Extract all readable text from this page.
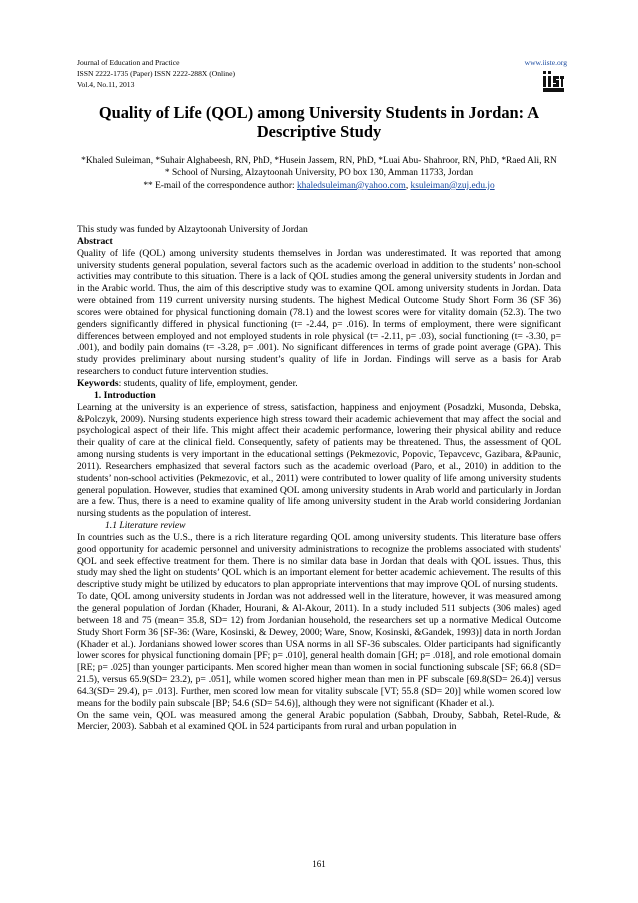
Journal of Education and Practice	www.iiste.org
ISSN 2222-1735 (Paper) ISSN 2222-288X (Online)
Vol.4, No.11, 2013
Quality of Life (QOL) among University Students in Jordan: A Descriptive Study
*Khaled Suleiman, *Suhair Alghabeesh, RN, PhD, *Husein Jassem, RN, PhD, *Luai Abu- Shahroor, RN, PhD, *Raed Ali, RN
* School of Nursing, Alzaytoonah University, PO box 130, Amman 11733, Jordan
** E-mail of the correspondence author: khaledsuleiman@yahoo.com, ksuleiman@zuj.edu.jo

This study was funded by Alzaytoonah University of Jordan

Abstract

Quality of life (QOL) among university students themselves in Jordan was underestimated. It was reported that among university students general population, several factors such as the academic overload in addition to the students’ non-school activities may contribute to this situation. There is a lack of QOL studies among the general university students in Jordan and in the Arabic world. Thus, the aim of this descriptive study was to examine QOL among university students in Jordan. Data were obtained from 119 current university nursing students. The highest Medical Outcome Study Short Form 36 (SF 36) scores were obtained for physical functioning domain (78.1) and the lowest scores were for vitality domain (52.3). The two genders significantly differed in physical functioning (t= -2.44, p= .016). In terms of employment, there were significant differences between employed and not employed students in role physical (t= -2.11, p= .03), social functioning (t= -3.30, p= .001), and bodily pain domains (t= -3.28, p= .001). No significant differences in terms of grade point average (GPA). This study provides preliminary about nursing student’s quality of life in Jordan. Findings will serve as a basis for Arab researchers to conduct future intervention studies.

Keywords: students, quality of life, employment, gender.

1. Introduction

Learning at the university is an experience of stress, satisfaction, happiness and enjoyment (Posadzki, Musonda, Debska, &Polczyk, 2009). Nursing students experience high stress toward their academic achievement that may affect the social and psychological aspect of their life. This might affect their academic performance, lowering their physical ability and reduce their quality of care at the clinical field. Consequently, safety of patients may be threatened. Thus, the assessment of QOL among nursing students is very important in the educational settings (Pekmezovic, Popovic, Tepavcevc, Gazibara, &Paunic, 2011). Researchers emphasized that several factors such as the academic overload (Paro, et al., 2010) in addition to the students’ non-school activities (Pekmezovic, et al., 2011) were contributed to lower quality of life among university students general population. However, studies that examined QOL among university students in Arab world and particularly in Jordan are a few. Thus, there is a need to examine quality of life among university student in the Arab world considering Jordanian nursing students as the population of interest.

1.1 Literature review

In countries such as the U.S., there is a rich literature regarding QOL among university students. This literature base offers good opportunity for academic personnel and university administrations to recognize the problems associated with students' QOL and seek effective treatment for them. There is no similar data base in Jordan that deals with QOL issues. Thus, this study may shed the light on students’ QOL which is an important element for better academic achievement. The results of this descriptive study might be utilized by educators to plan appropriate interventions that may improve QOL of nursing students.

To date, QOL among university students in Jordan was not addressed well in the literature, however, it was measured among the general population of Jordan (Khader, Hourani, & Al-Akour, 2011). In a study included 511 subjects (306 males) aged between 18 and 75 (mean= 35.8, SD= 12) from Jordanian household, the researchers set up a normative Medical Outcome Study Short Form 36 [SF-36: (Ware, Kosinski, & Dewey, 2000; Ware, Snow, Kosinski, &Gandek, 1993)] data in north Jordan (Khader et al.). Jordanians showed lower scores than USA norms in all SF-36 subscales. Older participants had significantly lower scores for physical functioning domain [PF; p= .010], general health domain [GH; p= .018], and role emotional domain [RE; p= .025] than younger participants. Men scored higher mean than women in social functioning subscale [SF; 66.8 (SD= 21.5), versus 65.9(SD= 23.2), p= .051], while women scored higher mean than men in PF subscale [69.8(SD= 26.4)] versus 64.3(SD= 29.4), p= .013]. Further, men scored low mean for vitality subscale [VT; 55.8 (SD= 20)] while women scored low means for the bodily pain subscale [BP; 54.6 (SD= 54.6)], although they were not significant (Khader et al.).

On the same vein, QOL was measured among the general Arabic population (Sabbah, Drouby, Sabbah, Retel-Rude, & Mercier, 2003). Sabbah et al examined QOL in 524 participants from rural and urban population in

161
